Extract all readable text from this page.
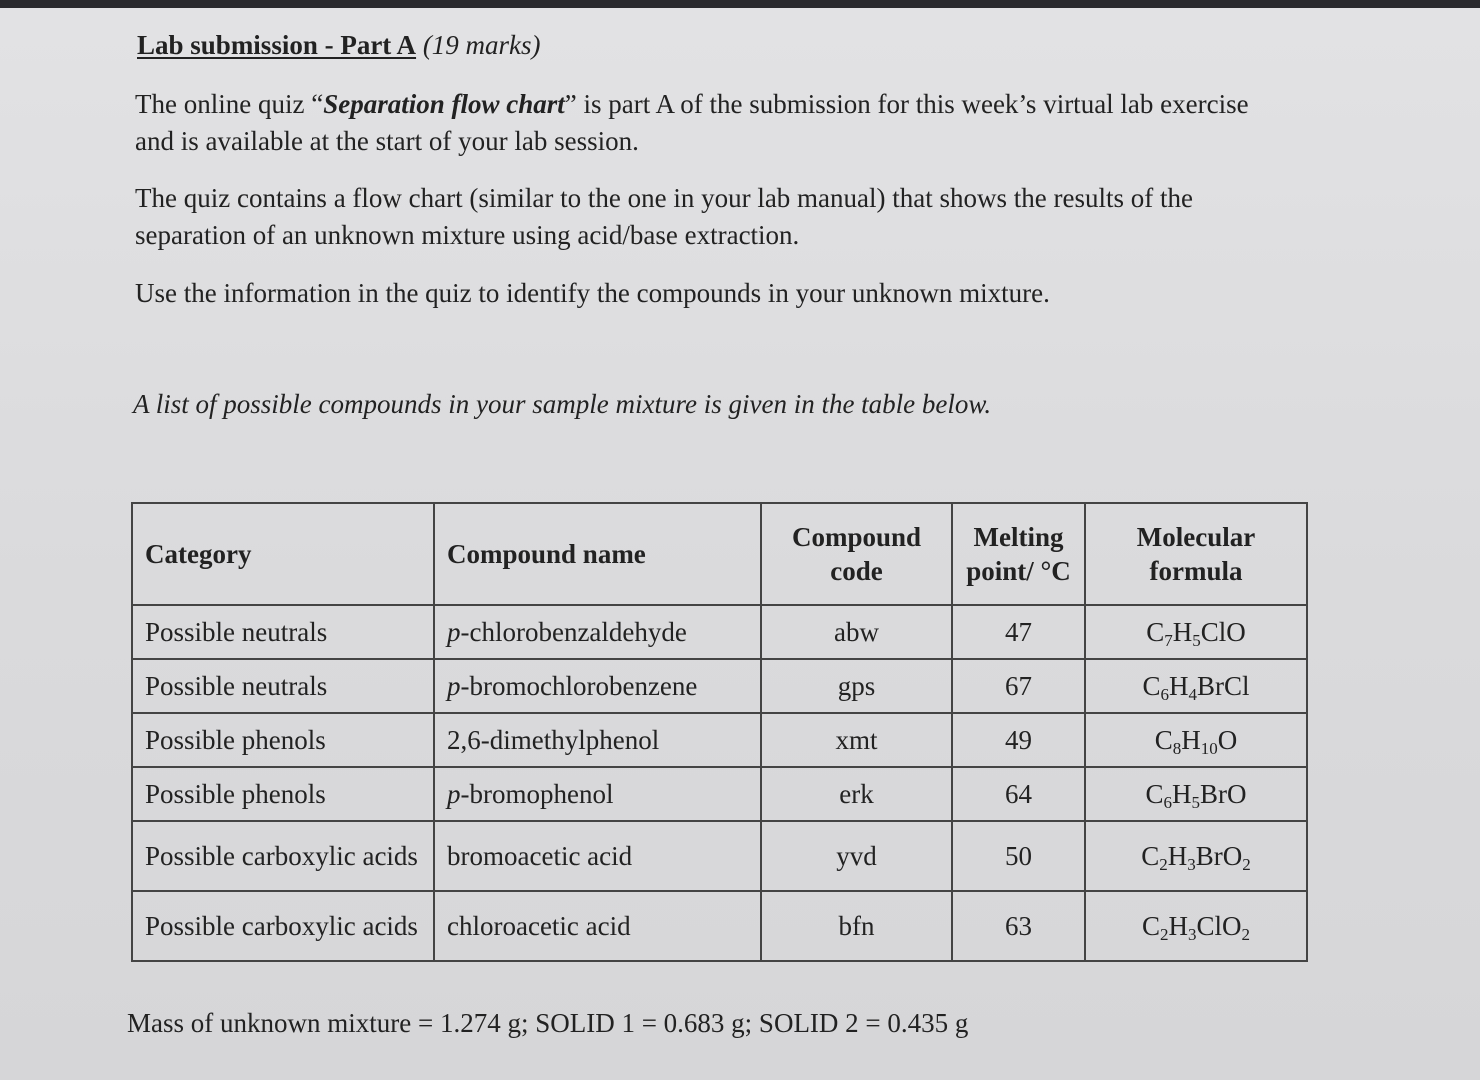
Lab submission - Part A (19 marks)
The online quiz “Separation flow chart” is part A of the submission for this week’s virtual lab exercise and is available at the start of your lab session.
The quiz contains a flow chart (similar to the one in your lab manual) that shows the results of the separation of an unknown mixture using acid/base extraction.
Use the information in the quiz to identify the compounds in your unknown mixture.
A list of possible compounds in your sample mixture is given in the table below.
Category	Compound name	Compound code	Melting point/ °C	Molecular formula
Possible neutrals	p-chlorobenzaldehyde	abw	47	$C_7H_5ClO$
Possible neutrals	p-bromochlorobenzene	gps	67	$C_6H_4BrCl$
Possible phenols	2,6-dimethylphenol	xmt	49	$C_8H_{10}O$
Possible phenols	p-bromophenol	erk	64	$C_6H_5BrO$
Possible carboxylic acids	bromoacetic acid	yvd	50	$C_2H_3BrO_2$
Possible carboxylic acids	chloroacetic acid	bfn	63	$C_2H_3ClO_2$
Mass of unknown mixture = 1.274 g; SOLID 1 = 0.683 g; SOLID 2 = 0.435 g
